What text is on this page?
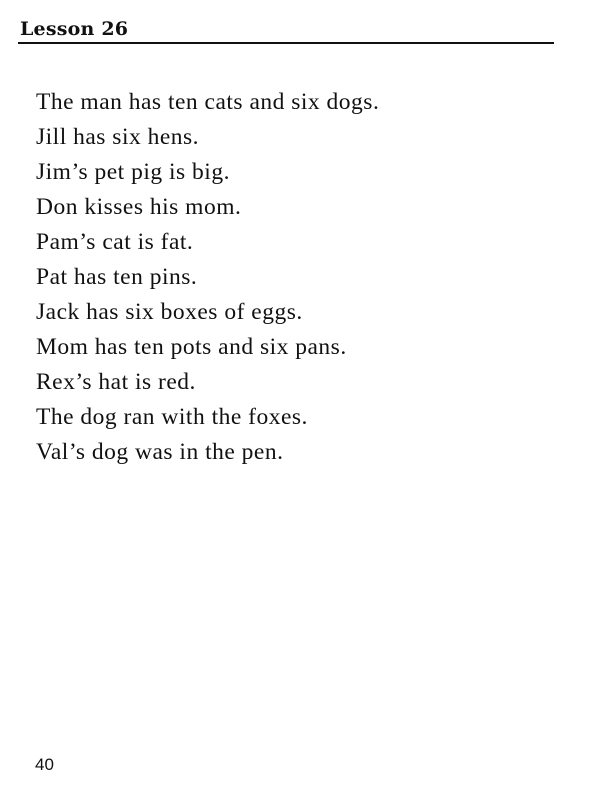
Lesson 26
The man has ten cats and six dogs.
Jill has six hens.
Jim’s pet pig is big.
Don kisses his mom.
Pam’s cat is fat.
Pat has ten pins.
Jack has six boxes of eggs.
Mom has ten pots and six pans.
Rex’s hat is red.
The dog ran with the foxes.
Val’s dog was in the pen.
40
